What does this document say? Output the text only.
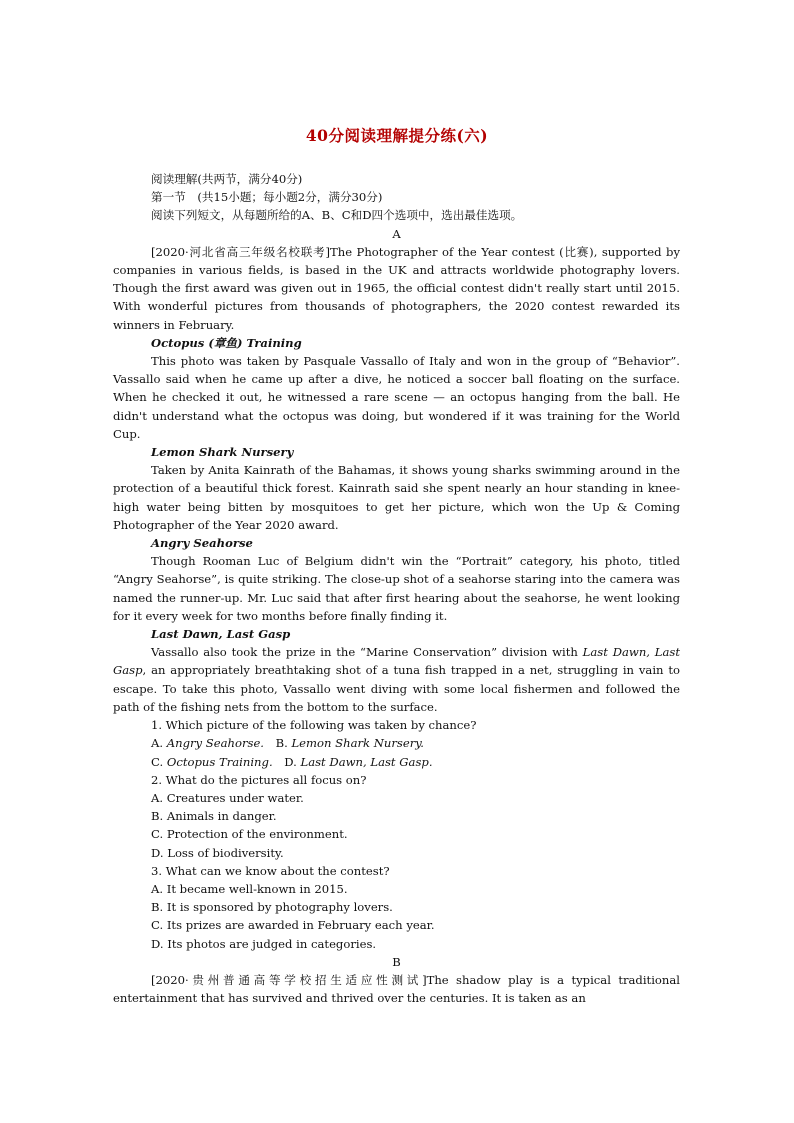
40分阅读理解提分练(六)
阅读理解(共两节，满分40分)
第一节　(共15小题；每小题2分，满分30分)
阅读下列短文，从每题所给的A、B、C和D四个选项中，选出最佳选项。
A

[2020·河北省高三年级名校联考]The Photographer of the Year contest (比赛), supported by companies in various fields, is based in the UK and attracts worldwide photography lovers. Though the first award was given out in 1965, the official contest didn't really start until 2015. With wonderful pictures from thousands of photographers, the 2020 contest rewarded its winners in February.

Octopus (章鱼) Training

This photo was taken by Pasquale Vassallo of Italy and won in the group of “Behavior”. Vassallo said when he came up after a dive, he noticed a soccer ball floating on the surface. When he checked it out, he witnessed a rare scene — an octopus hanging from the ball. He didn't understand what the octopus was doing, but wondered if it was training for the World Cup.

Lemon Shark Nursery

Taken by Anita Kainrath of the Bahamas, it shows young sharks swimming around in the protection of a beautiful thick forest. Kainrath said she spent nearly an hour standing in knee-high water being bitten by mosquitoes to get her picture, which won the Up & Coming Photographer of the Year 2020 award.

Angry Seahorse

Though Rooman Luc of Belgium didn't win the “Portrait” category, his photo, titled “Angry Seahorse”, is quite striking. The close-up shot of a seahorse staring into the camera was named the runner-up. Mr. Luc said that after first hearing about the seahorse, he went looking for it every week for two months before finally finding it.

Last Dawn, Last Gasp

Vassallo also took the prize in the “Marine Conservation” division with Last Dawn, Last Gasp, an appropriately breathtaking shot of a tuna fish trapped in a net, struggling in vain to escape. To take this photo, Vassallo went diving with some local fishermen and followed the path of the fishing nets from the bottom to the surface.

1. Which picture of the following was taken by chance?
A. Angry Seahorse.　B. Lemon Shark Nursery.
C. Octopus Training.　D. Last Dawn, Last Gasp.
2. What do the pictures all focus on?
A. Creatures under water.
B. Animals in danger.
C. Protection of the environment.
D. Loss of biodiversity.
3. What can we know about the contest?
A. It became well-known in 2015.
B. It is sponsored by photography lovers.
C. Its prizes are awarded in February each year.
D. Its photos are judged in categories.
B

[2020·贵州普通高等学校招生适应性测试]The shadow play is a typical traditional entertainment that has survived and thrived over the centuries. It is taken as an
